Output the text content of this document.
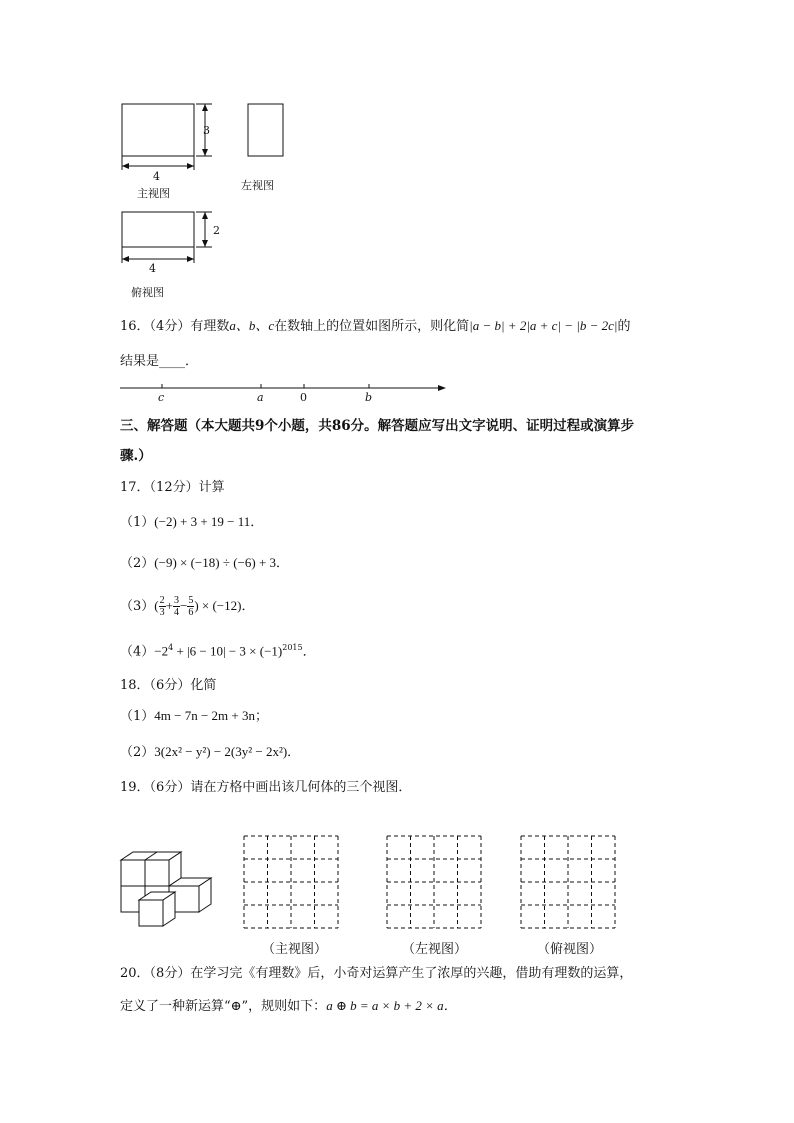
3
4
主视图
左视图
2
4
俯视图
16．（4分）有理数a、b、c在数轴上的位置如图所示，则化简|a − b| + 2|a + c| − |b − 2c|的
结果是____．
c	a	0	b
三、解答题（本大题共9个小题，共86分。解答题应写出文字说明、证明过程或演算步
骤.）
17．（12分）计算
（1）(−2) + 3 + 19 − 11．
（2）(−9) × (−18) ÷ (−6) + 3．
$(3)( \frac{2}{3} + \frac{3}{4} - \frac{5}{6}$ ) × (−12)．
$(4)-2^4 + |6 - 10| - 3 \times (-1)^{2015}$．
18．（6分）化简
（1）4m − 7n − 2m + 3n；
（2）3(2x² − y²) − 2(3y² − 2x²)．
19．（6分）请在方格中画出该几何体的三个视图．
（主视图）	（左视图）	（俯视图）
20．（8分）在学习完《有理数》后，小奇对运算产生了浓厚的兴趣，借助有理数的运算，
定义了一种新运算“⊕”，规则如下：a ⊕ b = a × b + 2 × a．
